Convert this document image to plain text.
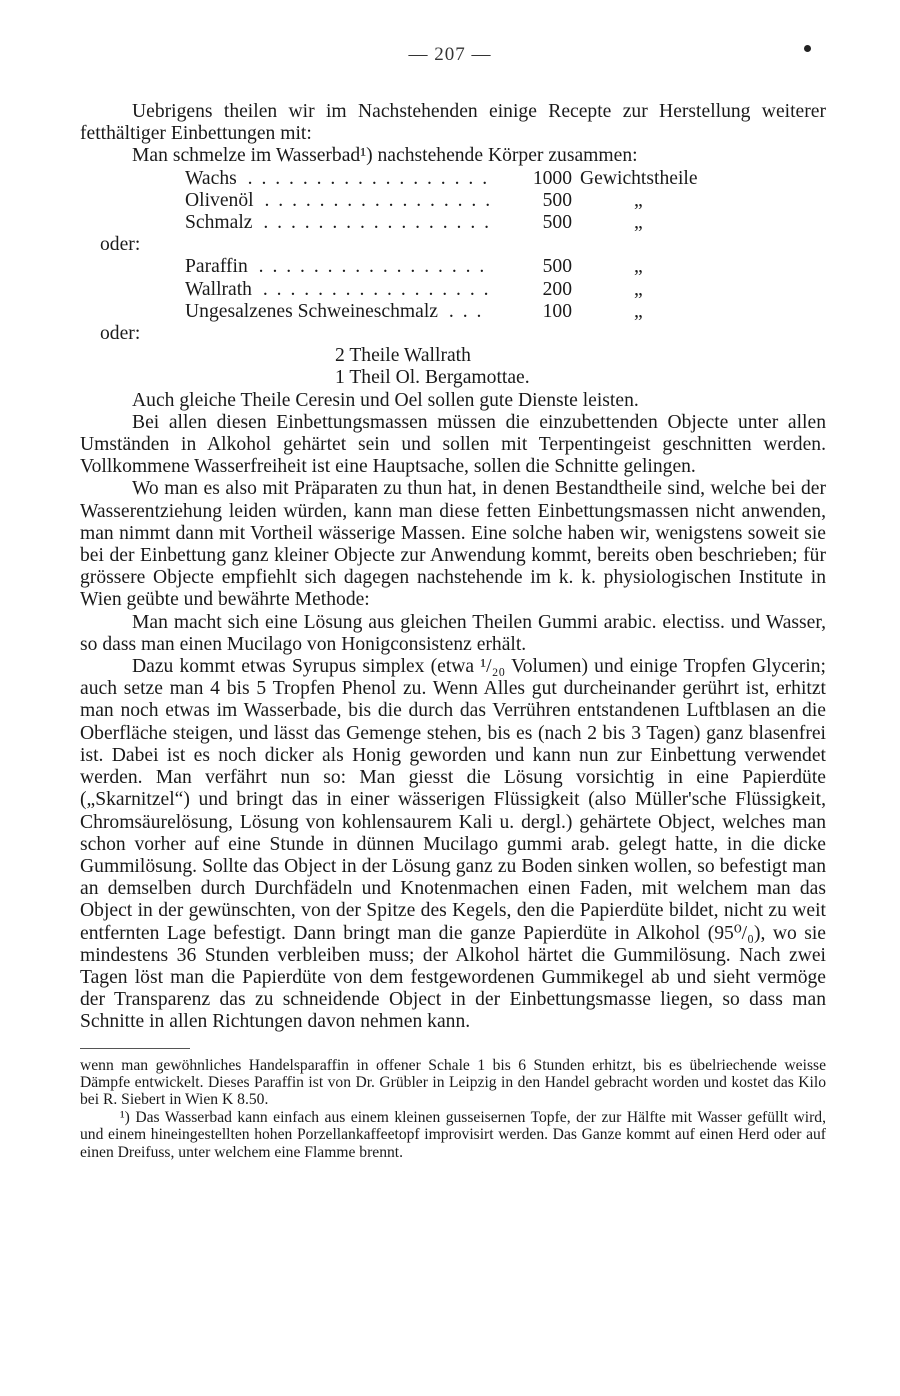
— 207 —

Uebrigens theilen wir im Nachstehenden einige Recepte zur Herstellung weiterer fetthältiger Einbettungen mit:

Man schmelze im Wasserbad¹) nachstehende Körper zusammen:

Wachs . . .	1000 Gewichtstheile
Olivenöl . . .	500	„
Schmalz . . .	500	„

oder:

Paraffin . . .	500	„
Wallrath . . .	200	„
Ungesalzenes Schweineschmalz . . .	100	„

oder:

2 Theile Wallrath

1 Theil Ol. Bergamottae.

Auch gleiche Theile Ceresin und Oel sollen gute Dienste leisten.

Bei allen diesen Einbettungsmassen müssen die einzubettenden Objecte unter allen Umständen in Alkohol gehärtet sein und sollen mit Terpentingeist geschnitten werden. Vollkommene Wasserfreiheit ist eine Hauptsache, sollen die Schnitte gelingen.

Wo man es also mit Präparaten zu thun hat, in denen Bestandtheile sind, welche bei der Wasserentziehung leiden würden, kann man diese fetten Einbettungsmassen nicht anwenden, man nimmt dann mit Vortheil wässerige Massen. Eine solche haben wir, wenigstens soweit sie bei der Einbettung ganz kleiner Objecte zur Anwendung kommt, bereits oben beschrieben; für grössere Objecte empfiehlt sich dagegen nachstehende im k. k. physiologischen Institute in Wien geübte und bewährte Methode:

Man macht sich eine Lösung aus gleichen Theilen Gummi arabic. electiss. und Wasser, so dass man einen Mucilago von Honigconsistenz erhält.

Dazu kommt etwas Syrupus simplex (etwa ¹/₂₀ Volumen) und einige Tropfen Glycerin; auch setze man 4 bis 5 Tropfen Phenol zu. Wenn Alles gut durcheinander gerührt ist, erhitzt man noch etwas im Wasserbade, bis die durch das Verrühren entstandenen Luftblasen an die Oberfläche steigen, und lässt das Gemenge stehen, bis es (nach 2 bis 3 Tagen) ganz blasenfrei ist. Dabei ist es noch dicker als Honig geworden und kann nun zur Einbettung verwendet werden. Man verfährt nun so: Man giesst die Lösung vorsichtig in eine Papierdüte („Skarnitzel“) und bringt das in einer wässerigen Flüssigkeit (also Müller'sche Flüssigkeit, Chromsäurelösung, Lösung von kohlensaurem Kali u. dergl.) gehärtete Object, welches man schon vorher auf eine Stunde in dünnen Mucilago gummi arab. gelegt hatte, in die dicke Gummilösung. Sollte das Object in der Lösung ganz zu Boden sinken wollen, so befestigt man an demselben durch Durchfädeln und Knotenmachen einen Faden, mit welchem man das Object in der gewünschten, von der Spitze des Kegels, den die Papierdüte bildet, nicht zu weit entfernten Lage befestigt. Dann bringt man die ganze Papierdüte in Alkohol (95⁰/₀), wo sie mindestens 36 Stunden verbleiben muss; der Alkohol härtet die Gummilösung. Nach zwei Tagen löst man die Papierdüte von dem festgewordenen Gummikegel ab und sieht vermöge der Transparenz das zu schneidende Object in der Einbettungsmasse liegen, so dass man Schnitte in allen Richtungen davon nehmen kann.

wenn man gewöhnliches Handelsparaffin in offener Schale 1 bis 6 Stunden erhitzt, bis es übelriechende weisse Dämpfe entwickelt. Dieses Paraffin ist von Dr. Grübler in Leipzig in den Handel gebracht worden und kostet das Kilo bei R. Siebert in Wien K 8.50.

¹) Das Wasserbad kann einfach aus einem kleinen gusseisernen Topfe, der zur Hälfte mit Wasser gefüllt wird, und einem hineingestellten hohen Porzellankaffeetopf improvisirt werden. Das Ganze kommt auf einen Herd oder auf einen Dreifuss, unter welchem eine Flamme brennt.
